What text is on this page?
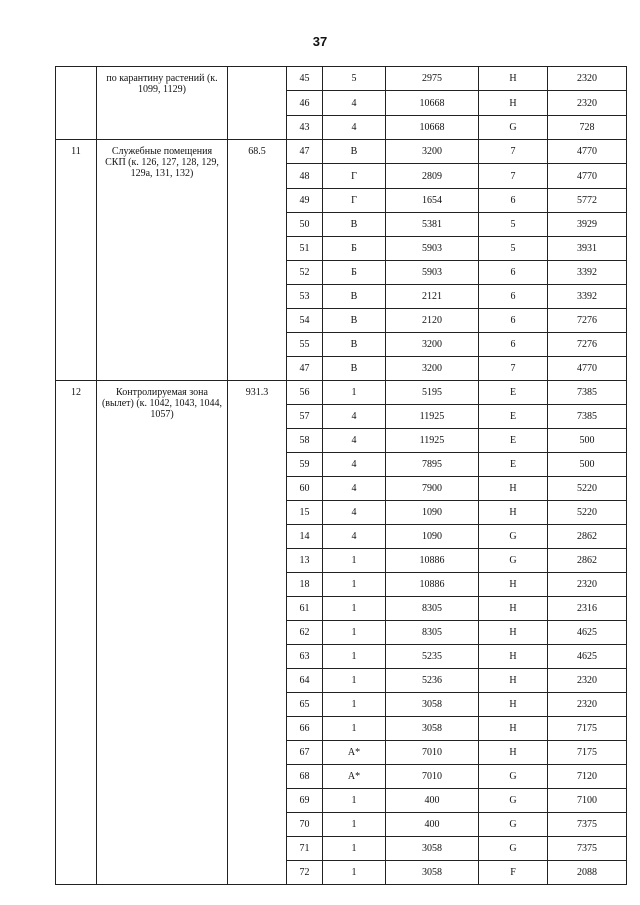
37
	по карантину растений (к. 1099, 1129)		45	5	2975	H	2320
			46	4	10668	H	2320
			43	4	10668	G	728
11	Служебные помещения СКП (к. 126, 127, 128, 129, 129а, 131, 132)	68.5	47	В	3200	7	4770
			48	Г	2809	7	4770
			49	Г	1654	6	5772
			50	В	5381	5	3929
			51	Б	5903	5	3931
			52	Б	5903	6	3392
			53	В	2121	6	3392
			54	В	2120	6	7276
			55	В	3200	6	7276
			47	В	3200	7	4770
12	Контролируемая зона (вылет) (к. 1042, 1043, 1044, 1057)	931.3	56	1	5195	E	7385
			57	4	11925	E	7385
			58	4	11925	E	500
			59	4	7895	E	500
			60	4	7900	H	5220
			15	4	1090	H	5220
			14	4	1090	G	2862
			13	1	10886	G	2862
			18	1	10886	H	2320
			61	1	8305	H	2316
			62	1	8305	H	4625
			63	1	5235	H	4625
			64	1	5236	H	2320
			65	1	3058	H	2320
			66	1	3058	H	7175
			67	А*	7010	H	7175
			68	А*	7010	G	7120
			69	1	400	G	7100
			70	1	400	G	7375
			71	1	3058	G	7375
			72	1	3058	F	2088
